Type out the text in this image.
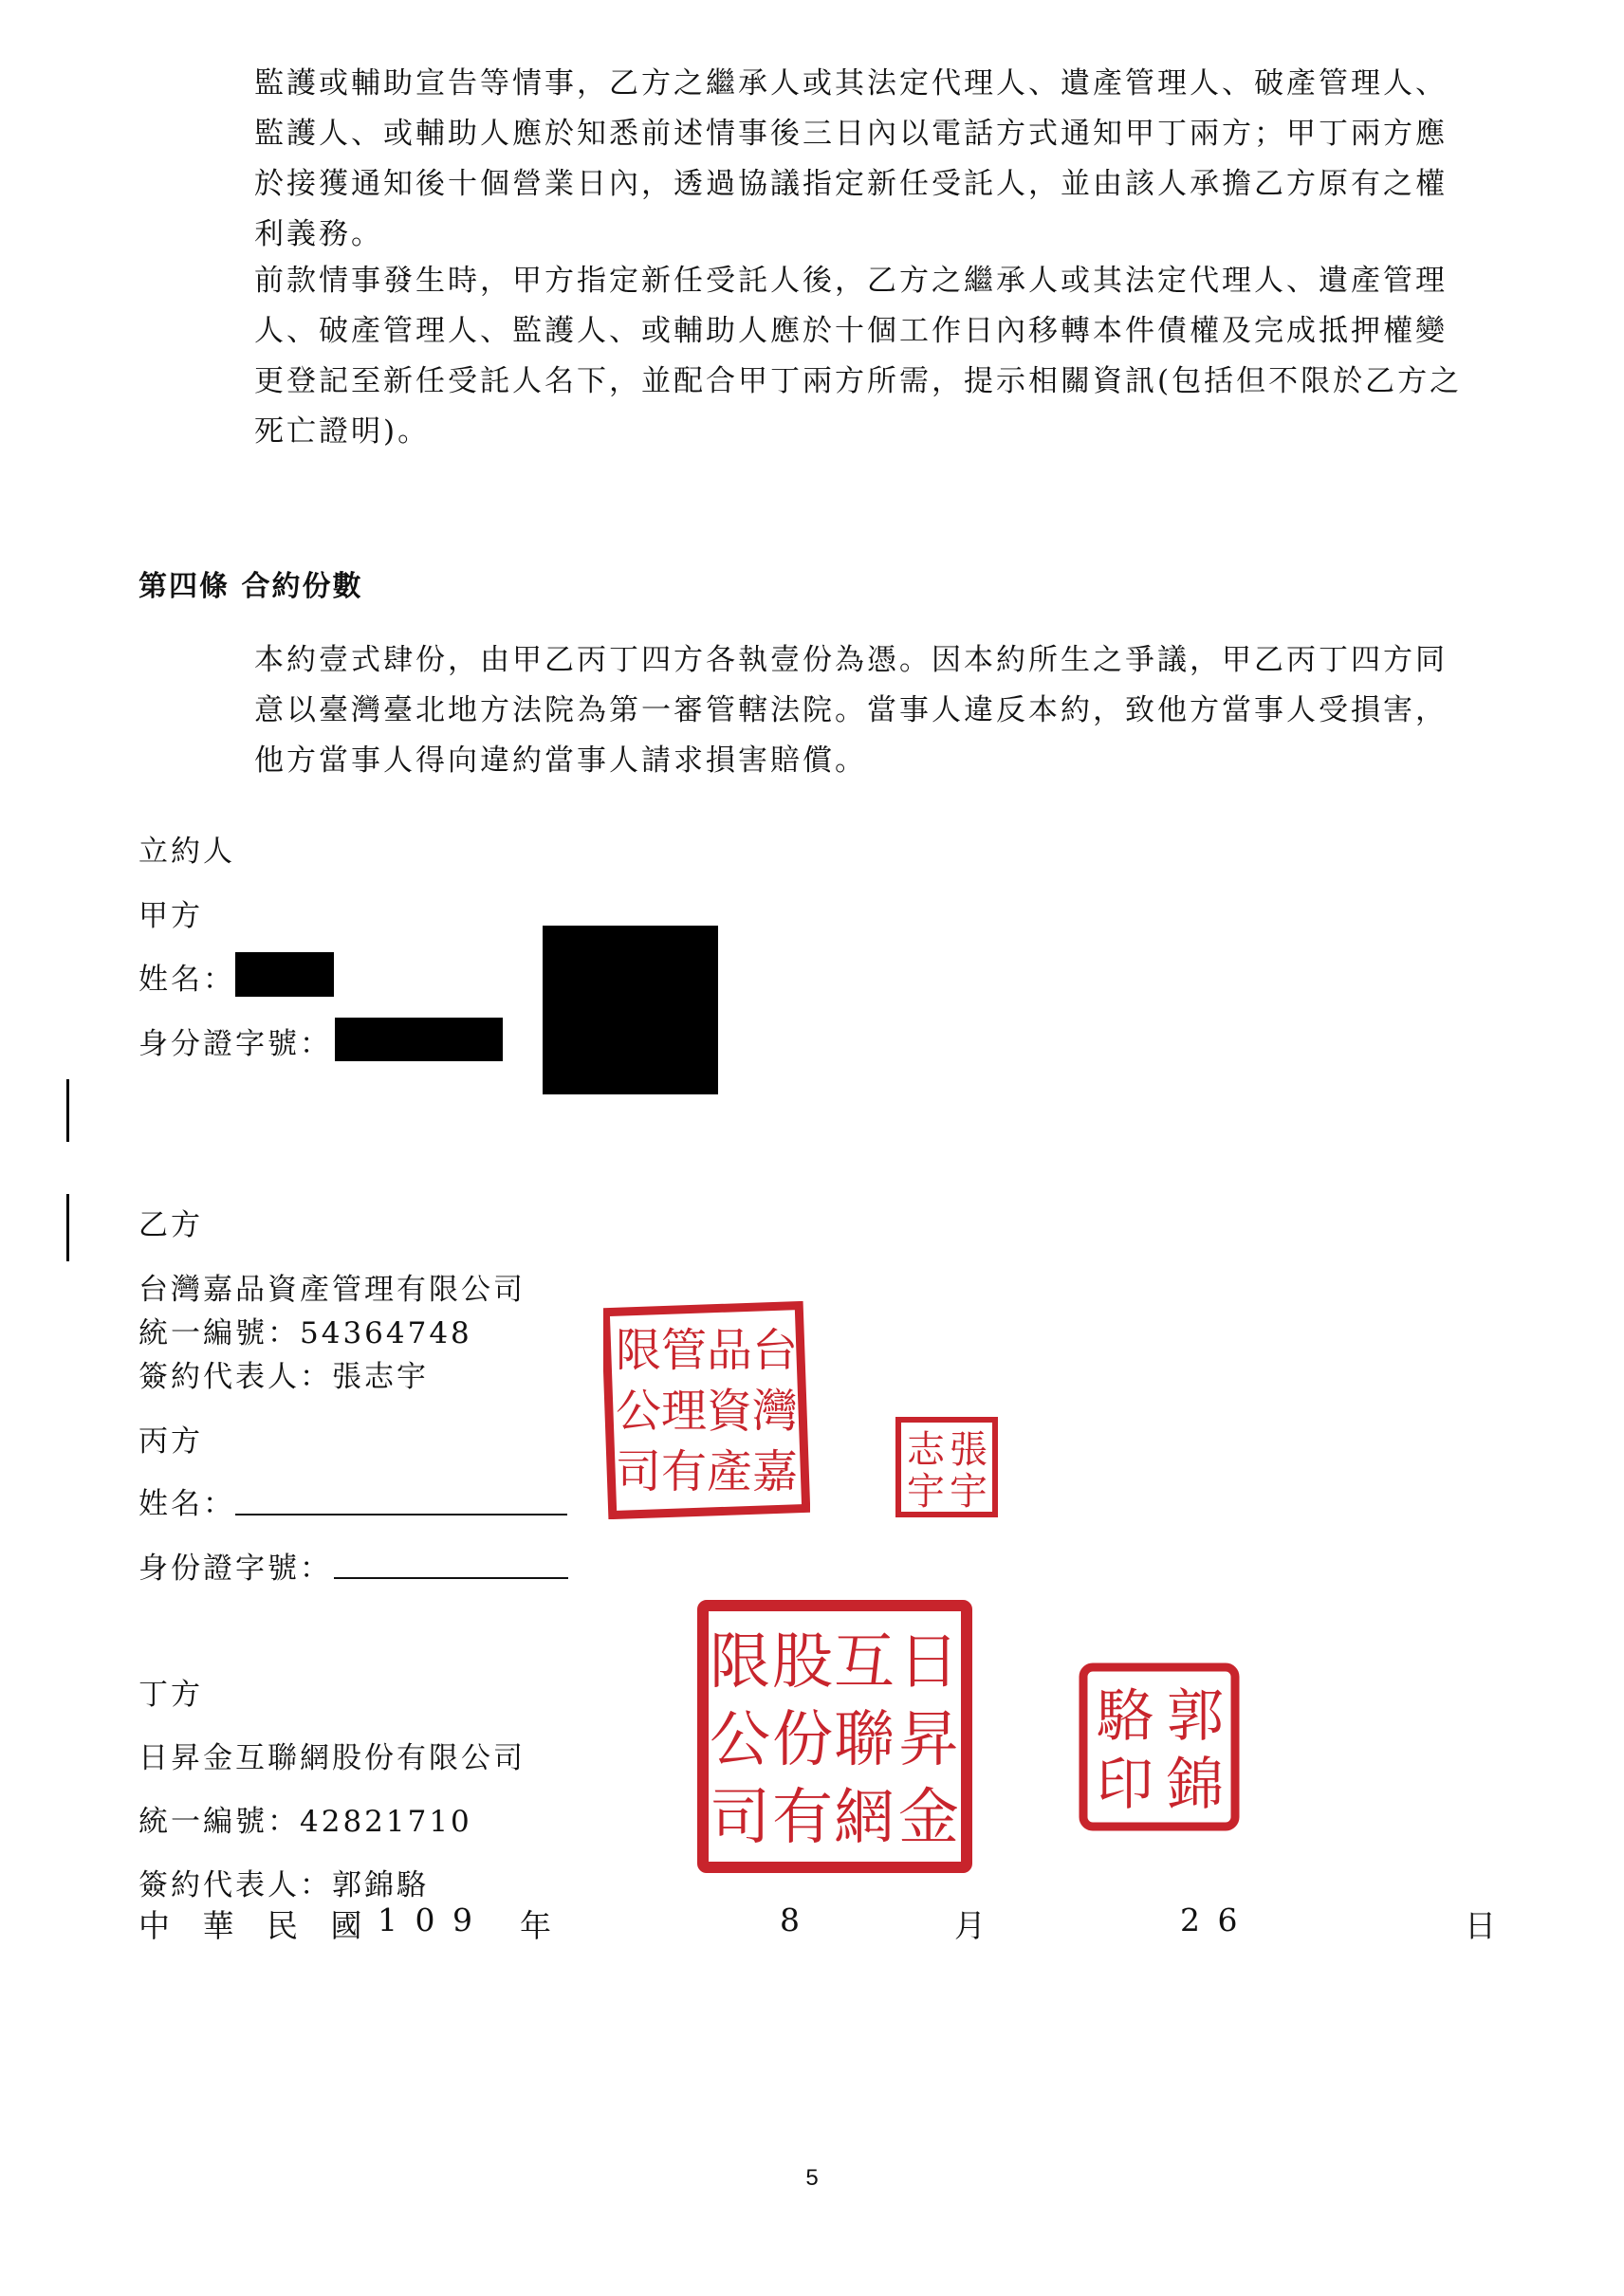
監護或輔助宣告等情事，乙方之繼承人或其法定代理人、遺產管理人、破產管理人、監護人、或輔助人應於知悉前述情事後三日內以電話方式通知甲丁兩方；甲丁兩方應於接獲通知後十個營業日內，透過協議指定新任受託人，並由該人承擔乙方原有之權利義務。

前款情事發生時，甲方指定新任受託人後，乙方之繼承人或其法定代理人、遺產管理人、破產管理人、監護人、或輔助人應於十個工作日內移轉本件債權及完成抵押權變更登記至新任受託人名下，並配合甲丁兩方所需，提示相關資訊(包括但不限於乙方之死亡證明)。

第四條 合約份數

本約壹式肆份，由甲乙丙丁四方各執壹份為憑。因本約所生之爭議，甲乙丙丁四方同意以臺灣臺北地方法院為第一審管轄法院。當事人違反本約，致他方當事人受損害，他方當事人得向違約當事人請求損害賠償。

立約人
甲方
姓名：
身分證字號：
乙方
台灣嘉品資產管理有限公司
統一編號：54364748
簽約代表人：張志宇	台
灣
嘉
品
資
產
管
理
有
限
公
司	張
宇
志
宇
丙方
姓名：
身份證字號：
丁方
日昇金互聯網股份有限公司
統一編號：42821710
簽約代表人：郭錦駱
日
昇
金
互
聯
網
股
份
有
限
公
司
郭
錦
駱
印
中 華 民 國 1 0 9 年	8	月	2 6	日
5
